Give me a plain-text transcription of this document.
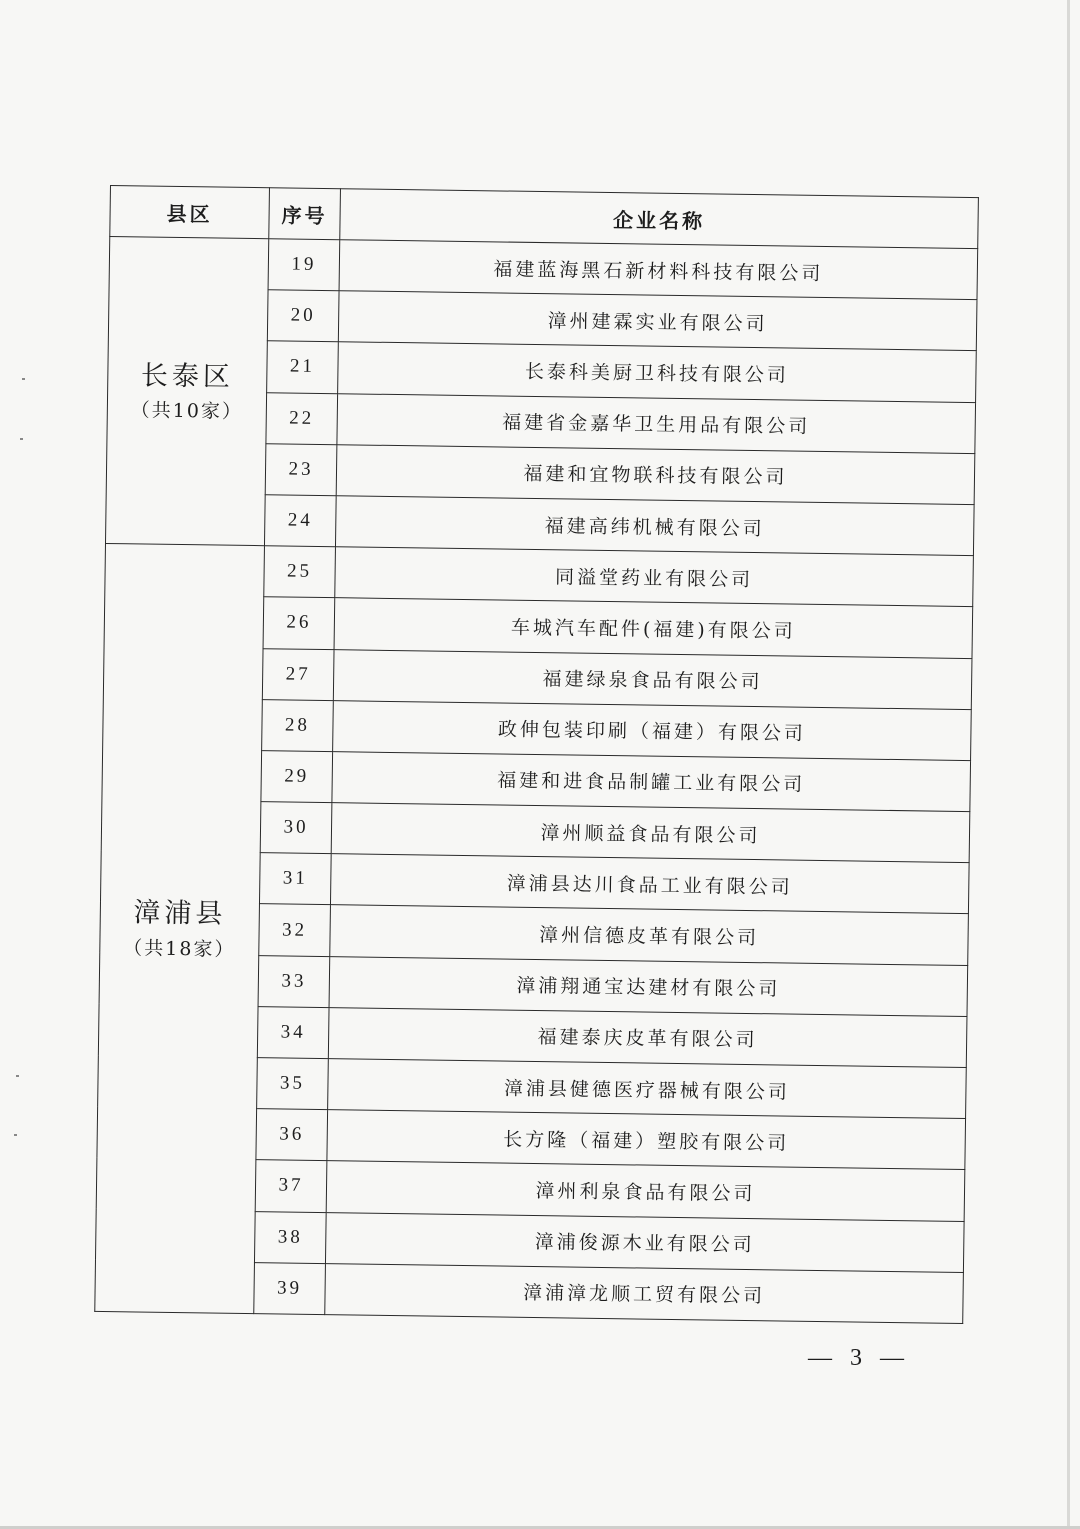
县区	序号	企业名称

长泰区
（共10家）	19	福建蓝海黑石新材料科技有限公司
	20	漳州建霖实业有限公司
	21	长泰科美厨卫科技有限公司
	22	福建省金嘉华卫生用品有限公司
	23	福建和宜物联科技有限公司
	24	福建高纬机械有限公司

漳浦县
（共18家）	25	同溢堂药业有限公司
	26	车城汽车配件(福建)有限公司
	27	福建绿泉食品有限公司
	28	政伸包装印刷（福建）有限公司
	29	福建和进食品制罐工业有限公司
	30	漳州顺益食品有限公司
	31	漳浦县达川食品工业有限公司
	32	漳州信德皮革有限公司
	33	漳浦翔通宝达建材有限公司
	34	福建泰庆皮革有限公司
	35	漳浦县健德医疗器械有限公司
	36	长方隆（福建）塑胶有限公司
	37	漳州利泉食品有限公司
	38	漳浦俊源木业有限公司
	39	漳浦漳龙顺工贸有限公司
— 3 —
